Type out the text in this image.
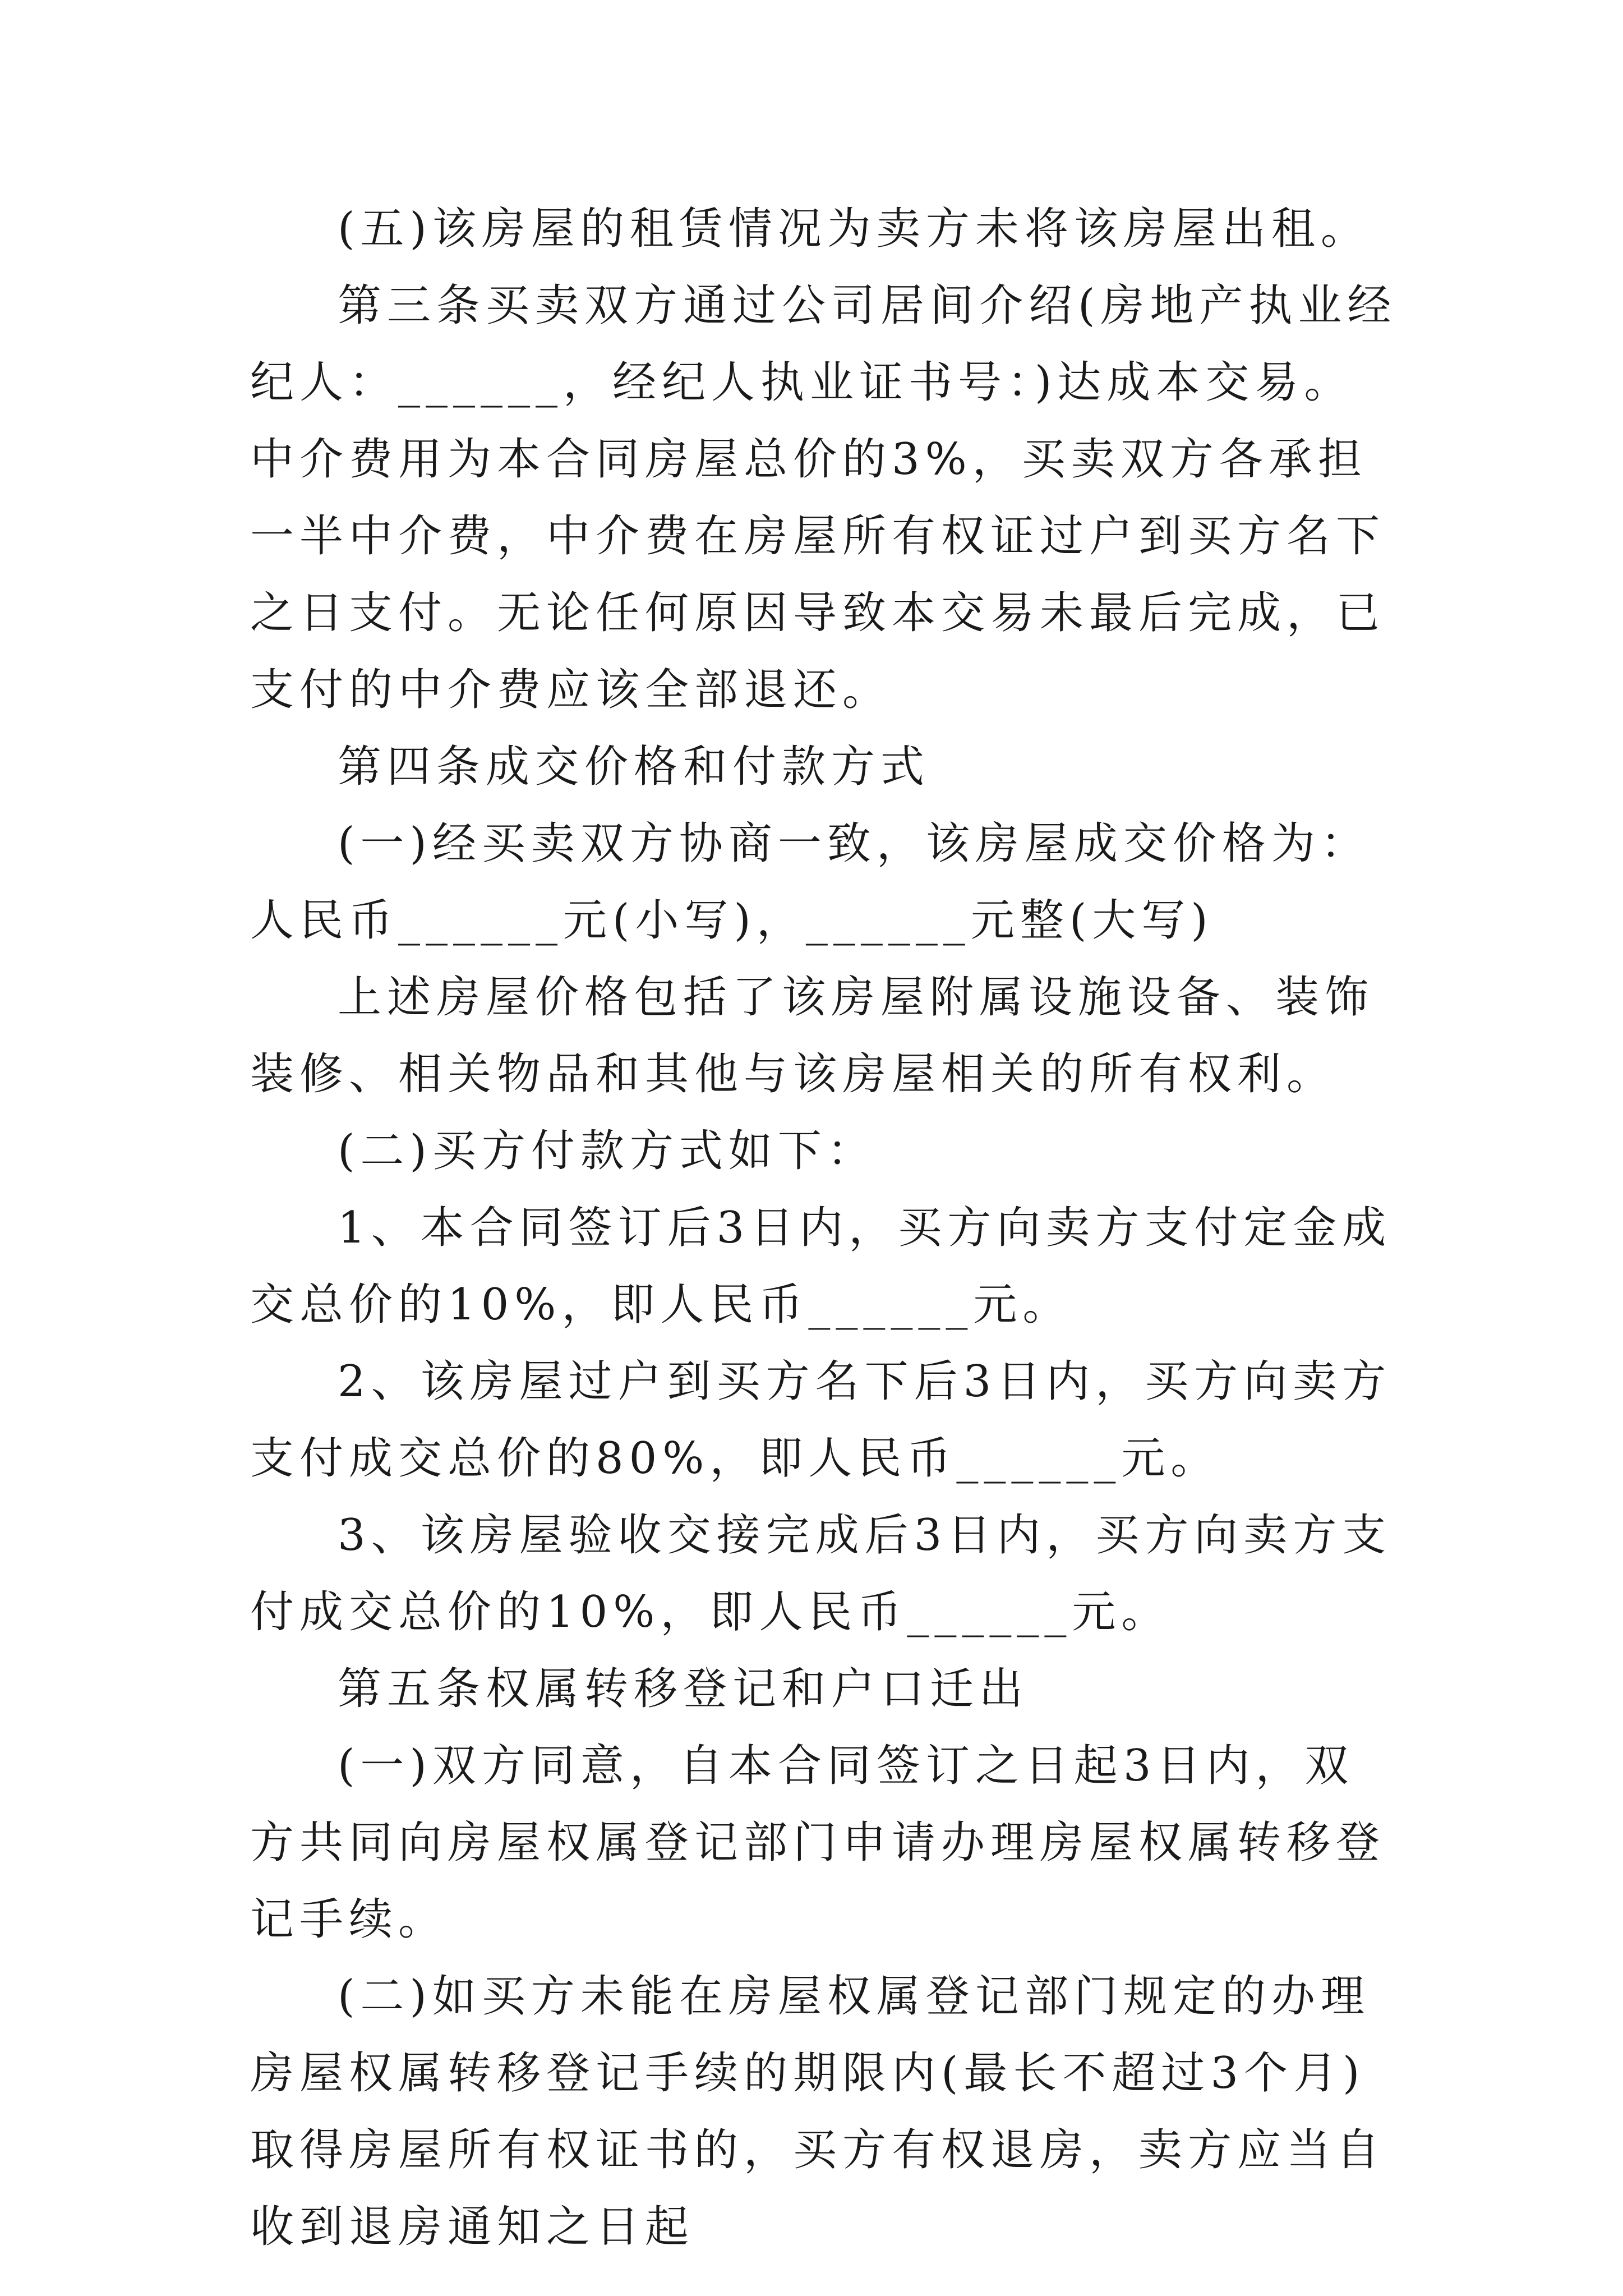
(五)该房屋的租赁情况为卖方未将该房屋出租。

第三条买卖双方通过公司居间介绍(房地产执业经纪人：______，经纪人执业证书号：)达成本交易。中介费用为本合同房屋总价的3%，买卖双方各承担一半中介费，中介费在房屋所有权证过户到买方名下之日支付。无论任何原因导致本交易未最后完成，已支付的中介费应该全部退还。

第四条成交价格和付款方式

(一)经买卖双方协商一致，该房屋成交价格为：人民币______元(小写)，______元整(大写)

上述房屋价格包括了该房屋附属设施设备、装饰装修、相关物品和其他与该房屋相关的所有权利。

(二)买方付款方式如下：

1、本合同签订后3日内，买方向卖方支付定金成交总价的10%，即人民币______元。

2、该房屋过户到买方名下后3日内，买方向卖方支付成交总价的80%，即人民币______元。

3、该房屋验收交接完成后3日内，买方向卖方支付成交总价的10%，即人民币______元。

第五条权属转移登记和户口迁出

(一)双方同意，自本合同签订之日起3日内，双方共同向房屋权属登记部门申请办理房屋权属转移登记手续。

(二)如买方未能在房屋权属登记部门规定的办理房屋权属转移登记手续的期限内(最长不超过3个月)取得房屋所有权证书的，买方有权退房，卖方应当自收到退房通知之日起
